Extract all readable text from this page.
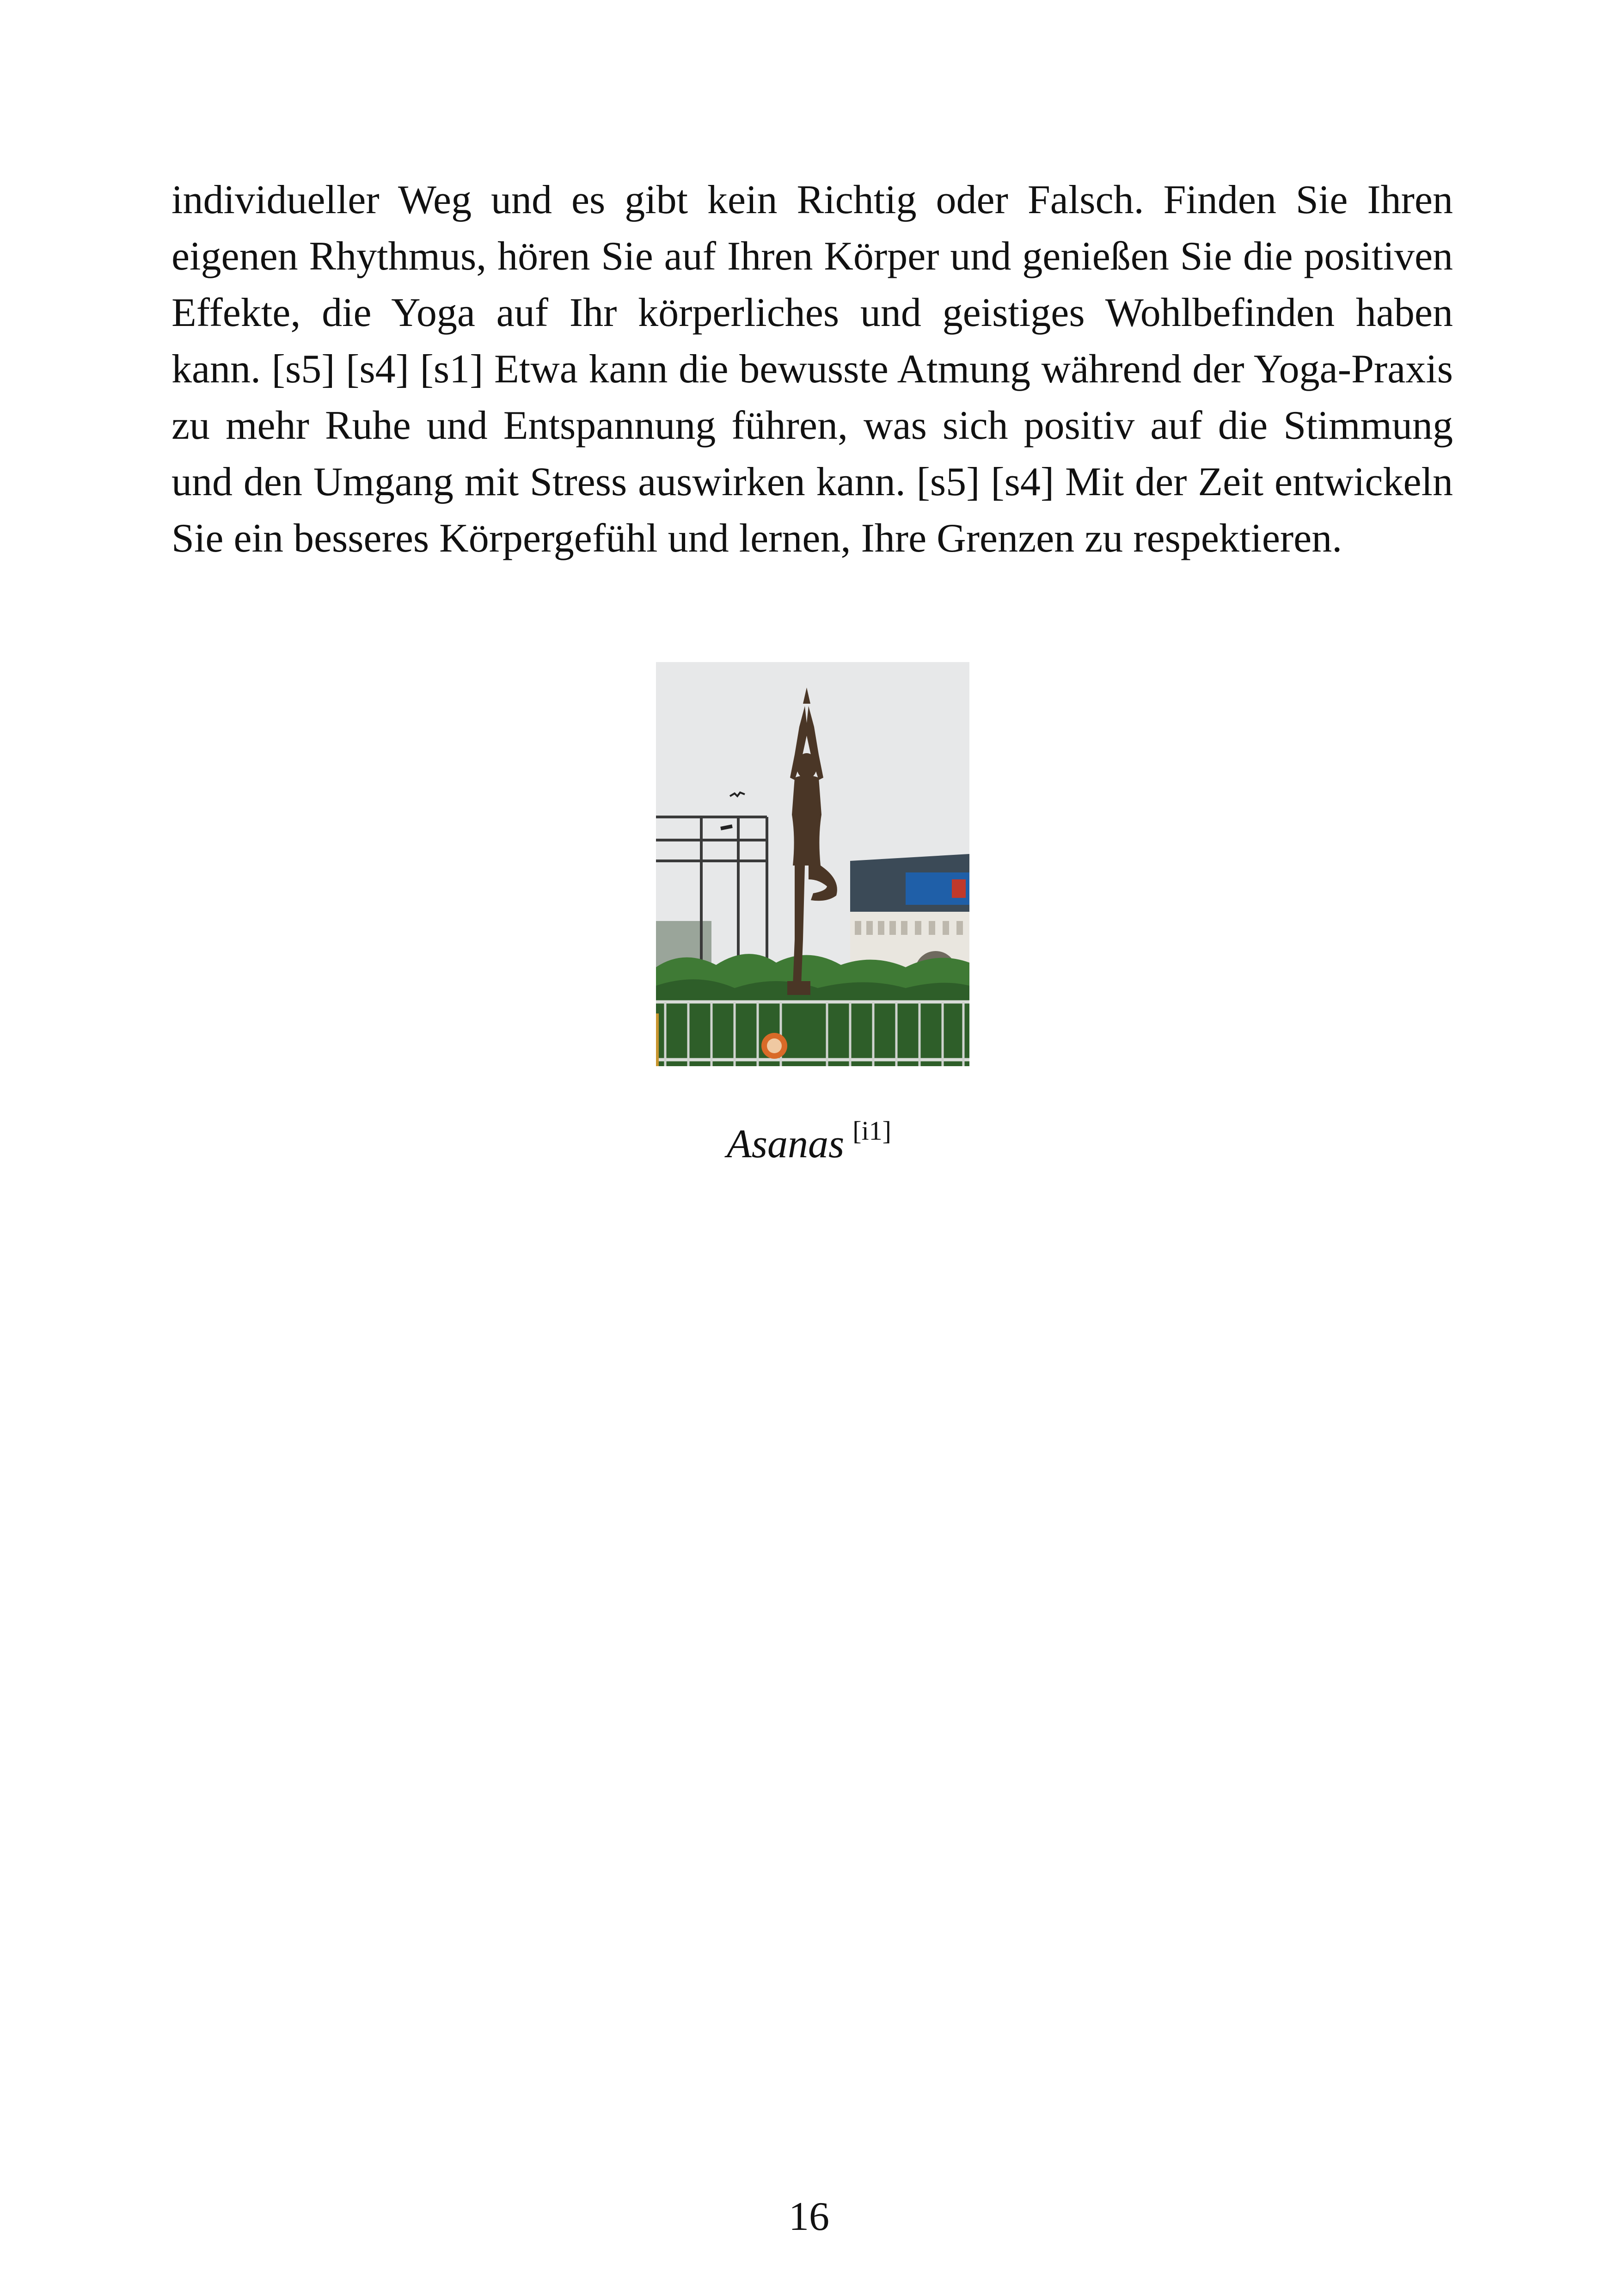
individueller Weg und es gibt kein Richtig oder Falsch. Finden Sie Ihren eigenen Rhythmus, hören Sie auf Ihren Körper und genießen Sie die positiven Effekte, die Yoga auf Ihr körperliches und geistiges Wohlbefinden haben kann. [s5] [s4] [s1] Etwa kann die bewusste Atmung während der Yoga-Praxis zu mehr Ruhe und Entspannung führen, was sich positiv auf die Stimmung und den Umgang mit Stress auswirken kann. [s5] [s4] Mit der Zeit entwickeln Sie ein besseres Körpergefühl und lernen, Ihre Grenzen zu respektieren.

Asanas [i1]
16
